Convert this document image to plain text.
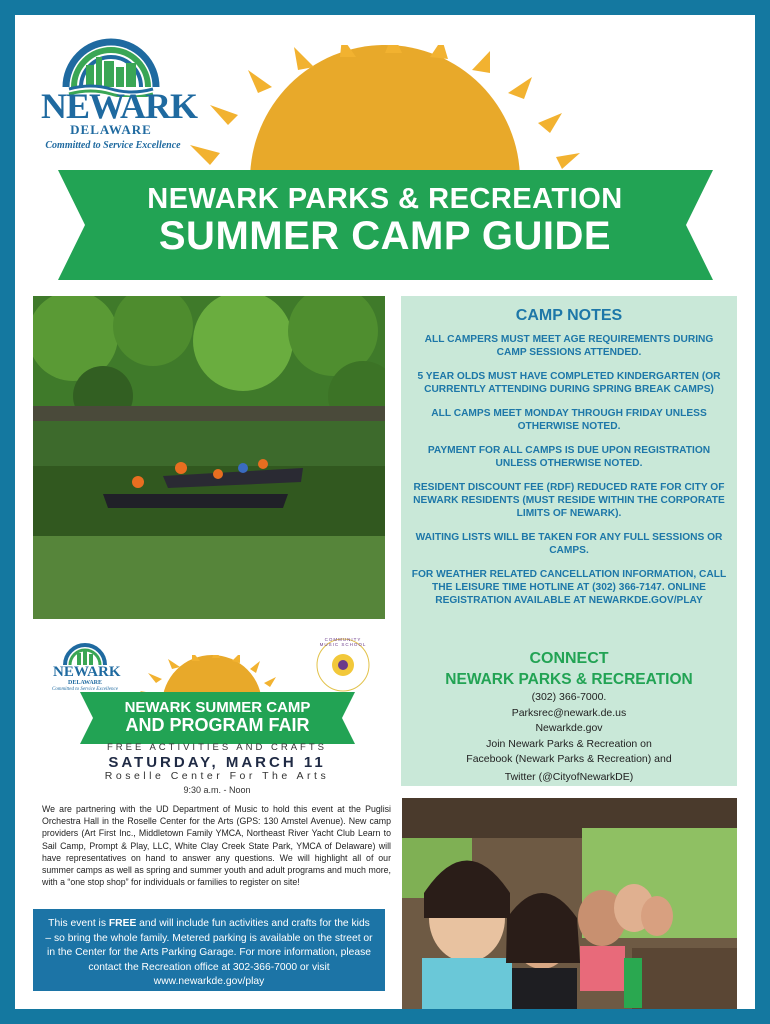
NEWARK
DELAWARE
Committed to Service Excellence
NEWARK PARKS & RECREATION
SUMMER CAMP GUIDE
CAMP NOTES

ALL CAMPERS MUST MEET AGE REQUIREMENTS DURING CAMP SESSIONS ATTENDED.

5 YEAR OLDS MUST HAVE COMPLETED KINDERGARTEN (OR CURRENTLY ATTENDING DURING SPRING BREAK CAMPS)

ALL CAMPS MEET MONDAY THROUGH FRIDAY UNLESS OTHERWISE NOTED.

PAYMENT FOR ALL CAMPS IS DUE UPON REGISTRATION UNLESS OTHERWISE NOTED.

RESIDENT DISCOUNT FEE (RDF) REDUCED RATE FOR CITY OF NEWARK RESIDENTS (MUST RESIDE WITHIN THE CORPORATE LIMITS OF NEWARK).

WAITING LISTS WILL BE TAKEN FOR ANY FULL SESSIONS OR CAMPS.

FOR WEATHER RELATED CANCELLATION INFORMATION, CALL THE LEISURE TIME HOTLINE AT (302) 366-7147. ONLINE REGISTRATION AVAILABLE AT NEWARKDE.GOV/PLAY

CONNECT
NEWARK PARKS & RECREATION
(302) 366-7000.
Parksrec@newark.de.us
Newarkde.gov
Join Newark Parks & Recreation on
Facebook (Newark Parks & Recreation) and
Twitter (@CityofNewarkDE)
NEWARK
DELAWARE
Committed to Service Excellence
COMMUNITY MUSIC SCHOOL
NEWARK SUMMER CAMP
AND PROGRAM FAIR
FREE ACTIVITIES AND CRAFTS
SATURDAY, MARCH 11
Roselle Center For The Arts
9:30 a.m. - Noon
We are partnering with the UD Department of Music to hold this event at the Puglisi Orchestra Hall in the Roselle Center for the Arts (GPS: 130 Amstel Avenue). New camp providers (Art First Inc., Middletown Family YMCA, Northeast River Yacht Club Learn to Sail Camp, Prompt & Play, LLC, White Clay Creek State Park, YMCA of Delaware) will have representatives on hand to answer any questions. We will highlight all of our summer camps as well as spring and summer youth and adult programs and much more, with a “one stop shop” for individuals or families to register on site!
This event is FREE and will include fun activities and crafts for the kids – so bring the whole family. Metered parking is available on the street or in the Center for the Arts Parking Garage. For more information, please contact the Recreation office at 302-366-7000 or visit www.newarkde.gov/play
